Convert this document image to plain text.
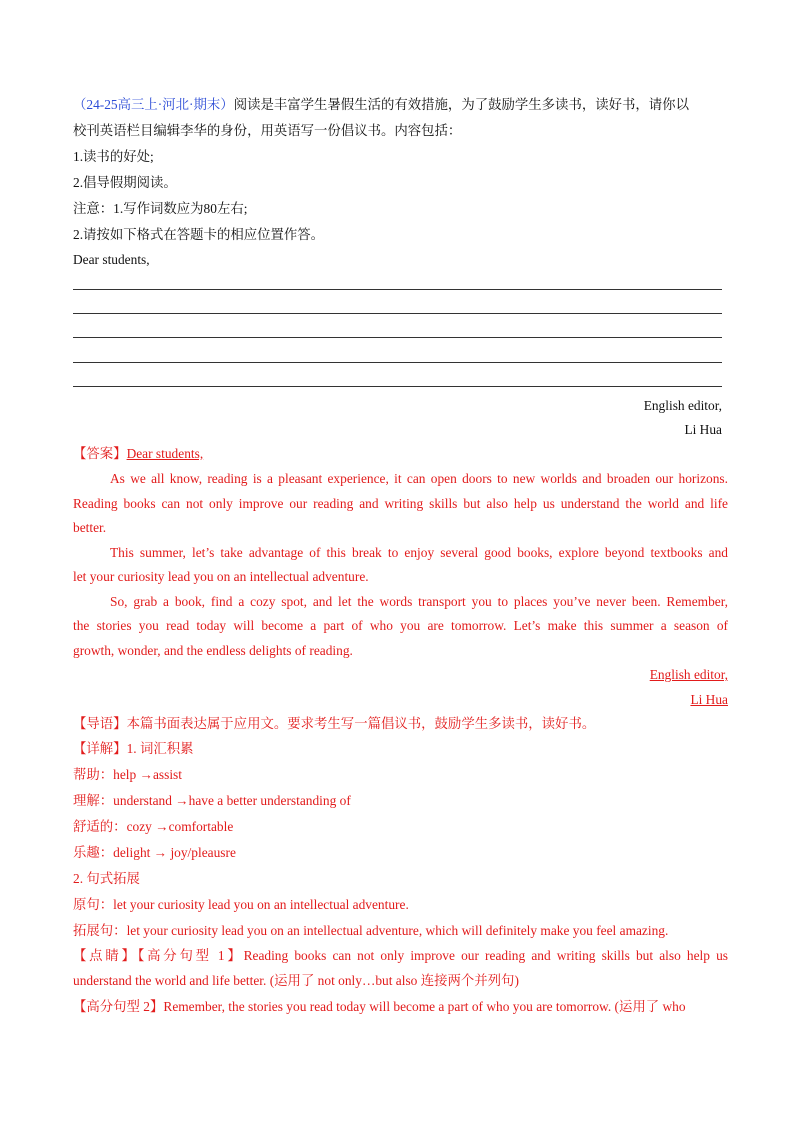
（24-25高三上·河北·期末）阅读是丰富学生暑假生活的有效措施，为了鼓励学生多读书，读好书，请你以
校刊英语栏目编辑李华的身份，用英语写一份倡议书。内容包括：
1.读书的好处;
2.倡导假期阅读。
注意：1.写作词数应为80左右;
2.请按如下格式在答题卡的相应位置作答。
Dear students,
English editor,
Li Hua
【答案】Dear students,
As we all know, reading is a pleasant experience, it can open doors to new worlds and broaden our horizons.
Reading books can not only improve our reading and writing skills but also help us understand the world and life
better.
This summer, let’s take advantage of this break to enjoy several good books, explore beyond textbooks and
let your curiosity lead you on an intellectual adventure.
So, grab a book, find a cozy spot, and let the words transport you to places you’ve never been. Remember,
the stories you read today will become a part of who you are tomorrow. Let’s make this summer a season of
growth, wonder, and the endless delights of reading.
English editor,
Li Hua
【导语】本篇书面表达属于应用文。要求考生写一篇倡议书，鼓励学生多读书，读好书。
【详解】1. 词汇积累
帮助：help →assist
理解：understand →have a better understanding of
舒适的：cozy →comfortable
乐趣：delight → joy/pleausre
2. 句式拓展
原句：let your curiosity lead you on an intellectual adventure.
拓展句：let your curiosity lead you on an intellectual adventure, which will definitely make you feel amazing.
【点睛】【高分句型 1】Reading books can not only improve our reading and writing skills but also help us
understand the world and life better. (运用了 not only…but also 连接两个并列句)
【高分句型 2】Remember, the stories you read today will become a part of who you are tomorrow. (运用了 who
